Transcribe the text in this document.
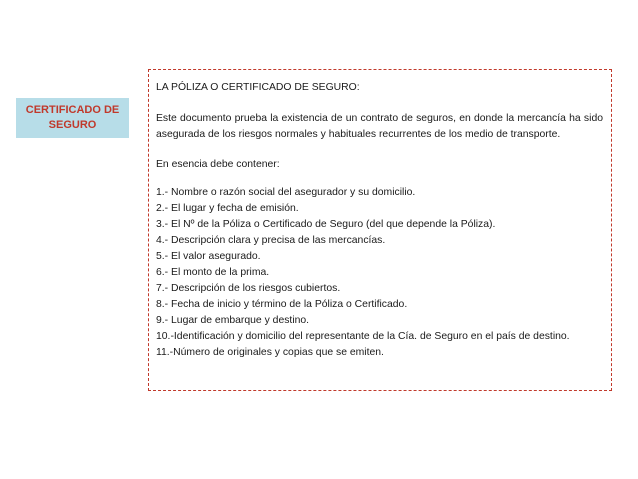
CERTIFICADO DE SEGURO

LA PÓLIZA O CERTIFICADO DE SEGURO:

Este documento prueba la existencia de un contrato de seguros, en donde la mercancía ha sido asegurada de los riesgos normales y habituales recurrentes de los medio de transporte.

En esencia debe contener:

1.- Nombre o razón social del asegurador y su domicilio.
2.- El lugar y fecha de emisión.
3.- El Nº de la Póliza o Certificado de Seguro (del que depende la Póliza).
4.- Descripción clara y precisa de las mercancías.
5.- El valor asegurado.
6.- El monto de la prima.
7.- Descripción de los riesgos cubiertos.
8.- Fecha de inicio y término de la Póliza o Certificado.
9.- Lugar de embarque y destino.
10.-Identificación y domicilio del representante de la Cía. de Seguro en el país de destino.
11.-Número de originales y copias que se emiten.
